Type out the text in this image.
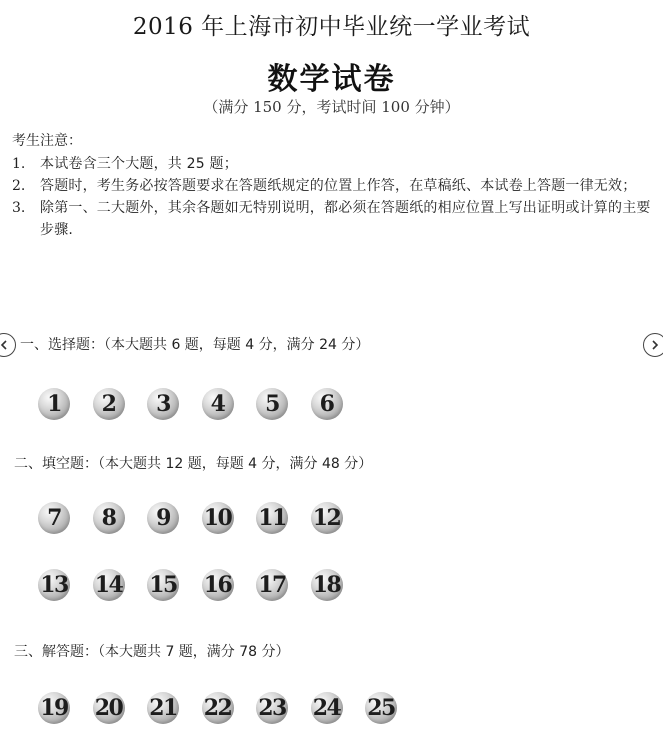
2016 年上海市初中毕业统一学业考试
数学试卷
（满分 150 分，考试时间 100 分钟）
考生注意：
1.	本试卷含三个大题，共 25 题；
2.	答题时，考生务必按答题要求在答题纸规定的位置上作答，在草稿纸、本试卷上答题一律无效；
3.	除第一、二大题外，其余各题如无特别说明，都必须在答题纸的相应位置上写出证明或计算的主要步骤.
一、选择题：（本大题共 6 题，每题 4 分，满分 24 分）
1	2	3	4	5	6
二、填空题：（本大题共 12 题，每题 4 分，满分 48 分）
7	8	9	10 11 12
13 14 15 16 17 18
三、解答题：（本大题共 7 题，满分 78 分）
19 20 21 22 23 24 25
